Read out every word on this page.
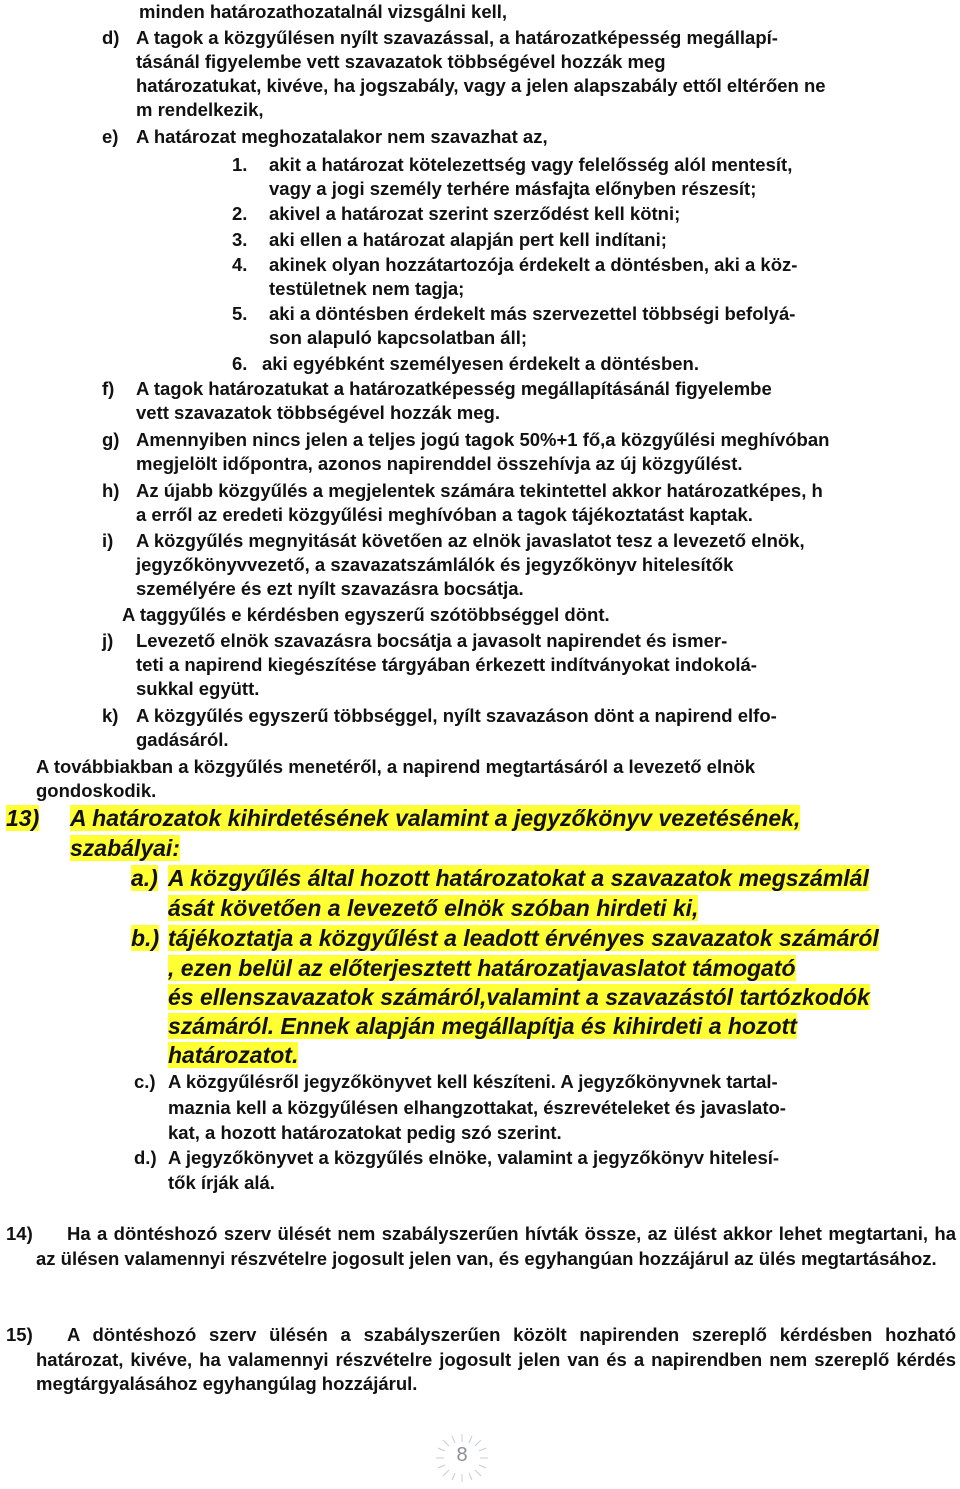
minden határozathozatalnál vizsgálni kell,
d) A tagok a közgyűlésen nyílt szavazással, a határozatképesség megállapí-
tásánál figyelembe vett szavazatok többségével hozzák meg
határozatukat, kivéve, ha jogszabály, vagy a jelen alapszabály ettől eltérően ne
m rendelkezik,
e) A határozat meghozatalakor nem szavazhat az,
1. akit a határozat kötelezettség vagy felelősség alól mentesít,
vagy a jogi személy terhére másfajta előnyben részesít;
2. akivel a határozat szerint szerződést kell kötni;
3. aki ellen a határozat alapján pert kell indítani;
4. akinek olyan hozzátartozója érdekelt a döntésben, aki a köz-
testületnek nem tagja;
5. aki a döntésben érdekelt más szervezettel többségi befolyá-
son alapuló kapcsolatban áll;
6. aki egyébként személyesen érdekelt a döntésben.
f) A tagok határozatukat a határozatképesség megállapításánál figyelembe
vett szavazatok többségével hozzák meg.
g) Amennyiben nincs jelen a teljes jogú tagok 50%+1 fő,a közgyűlési meghívóban
megjelölt időpontra, azonos napirenddel összehívja az új közgyűlést.
h) Az újabb közgyűlés a megjelentek számára tekintettel akkor határozatképes, h
a erről az eredeti közgyűlési meghívóban a tagok tájékoztatást kaptak.
i) A közgyűlés megnyitását követően az elnök javaslatot tesz a levezető elnök,
jegyzőkönyvvezető, a szavazatszámlálók és jegyzőkönyv hitelesítők
személyére és ezt nyílt szavazásra bocsátja.
A taggyűlés e kérdésben egyszerű szótöbbséggel dönt.
j) Levezető elnök szavazásra bocsátja a javasolt napirendet és ismer-
teti a napirend kiegészítése tárgyában érkezett indítványokat indokolá-
sukkal együtt.
k) A közgyűlés egyszerű többséggel, nyílt szavazáson dönt a napirend elfo-
gadásáról.
A továbbiakban a közgyűlés menetéről, a napirend megtartásáról a levezető elnök
gondoskodik.
13) A határozatok kihirdetésének valamint a jegyzőkönyv vezetésének,
szabályai:
a.) A közgyűlés által hozott határozatokat a szavazatok megszámlál
ását követően a levezető elnök szóban hirdeti ki,
b.) tájékoztatja a közgyűlést a leadott érvényes szavazatok számáról
, ezen belül az előterjesztett határozatjavaslatot támogató
és ellenszavazatok számáról,valamint a szavazástól tartózkodók
számáról. Ennek alapján megállapítja és kihirdeti a hozott
határozatot.
c.) A közgyűlésről jegyzőkönyvet kell készíteni. A jegyzőkönyvnek tartal-
maznia kell a közgyűlésen elhangzottakat, észrevételeket és javaslato-
kat, a hozott határozatokat pedig szó szerint.
d.) A jegyzőkönyvet a közgyűlés elnöke, valamint a jegyzőkönyv hitelesí-
tők írják alá.
14)	Ha a döntéshozó szerv ülését nem szabályszerűen hívták össze, az ülést akkor lehet megtartani, ha az ülésen valamennyi részvételre jogosult jelen van, és egyhangúan hozzájárul az ülés megtartásához.
15)	A döntéshozó szerv ülésén a szabályszerűen közölt napirenden szereplő kérdésben hozható határozat, kivéve, ha valamennyi részvételre jogosult jelen van és a napirendben nem szereplő kérdés megtárgyalásához egyhangúlag hozzájárul.
8
